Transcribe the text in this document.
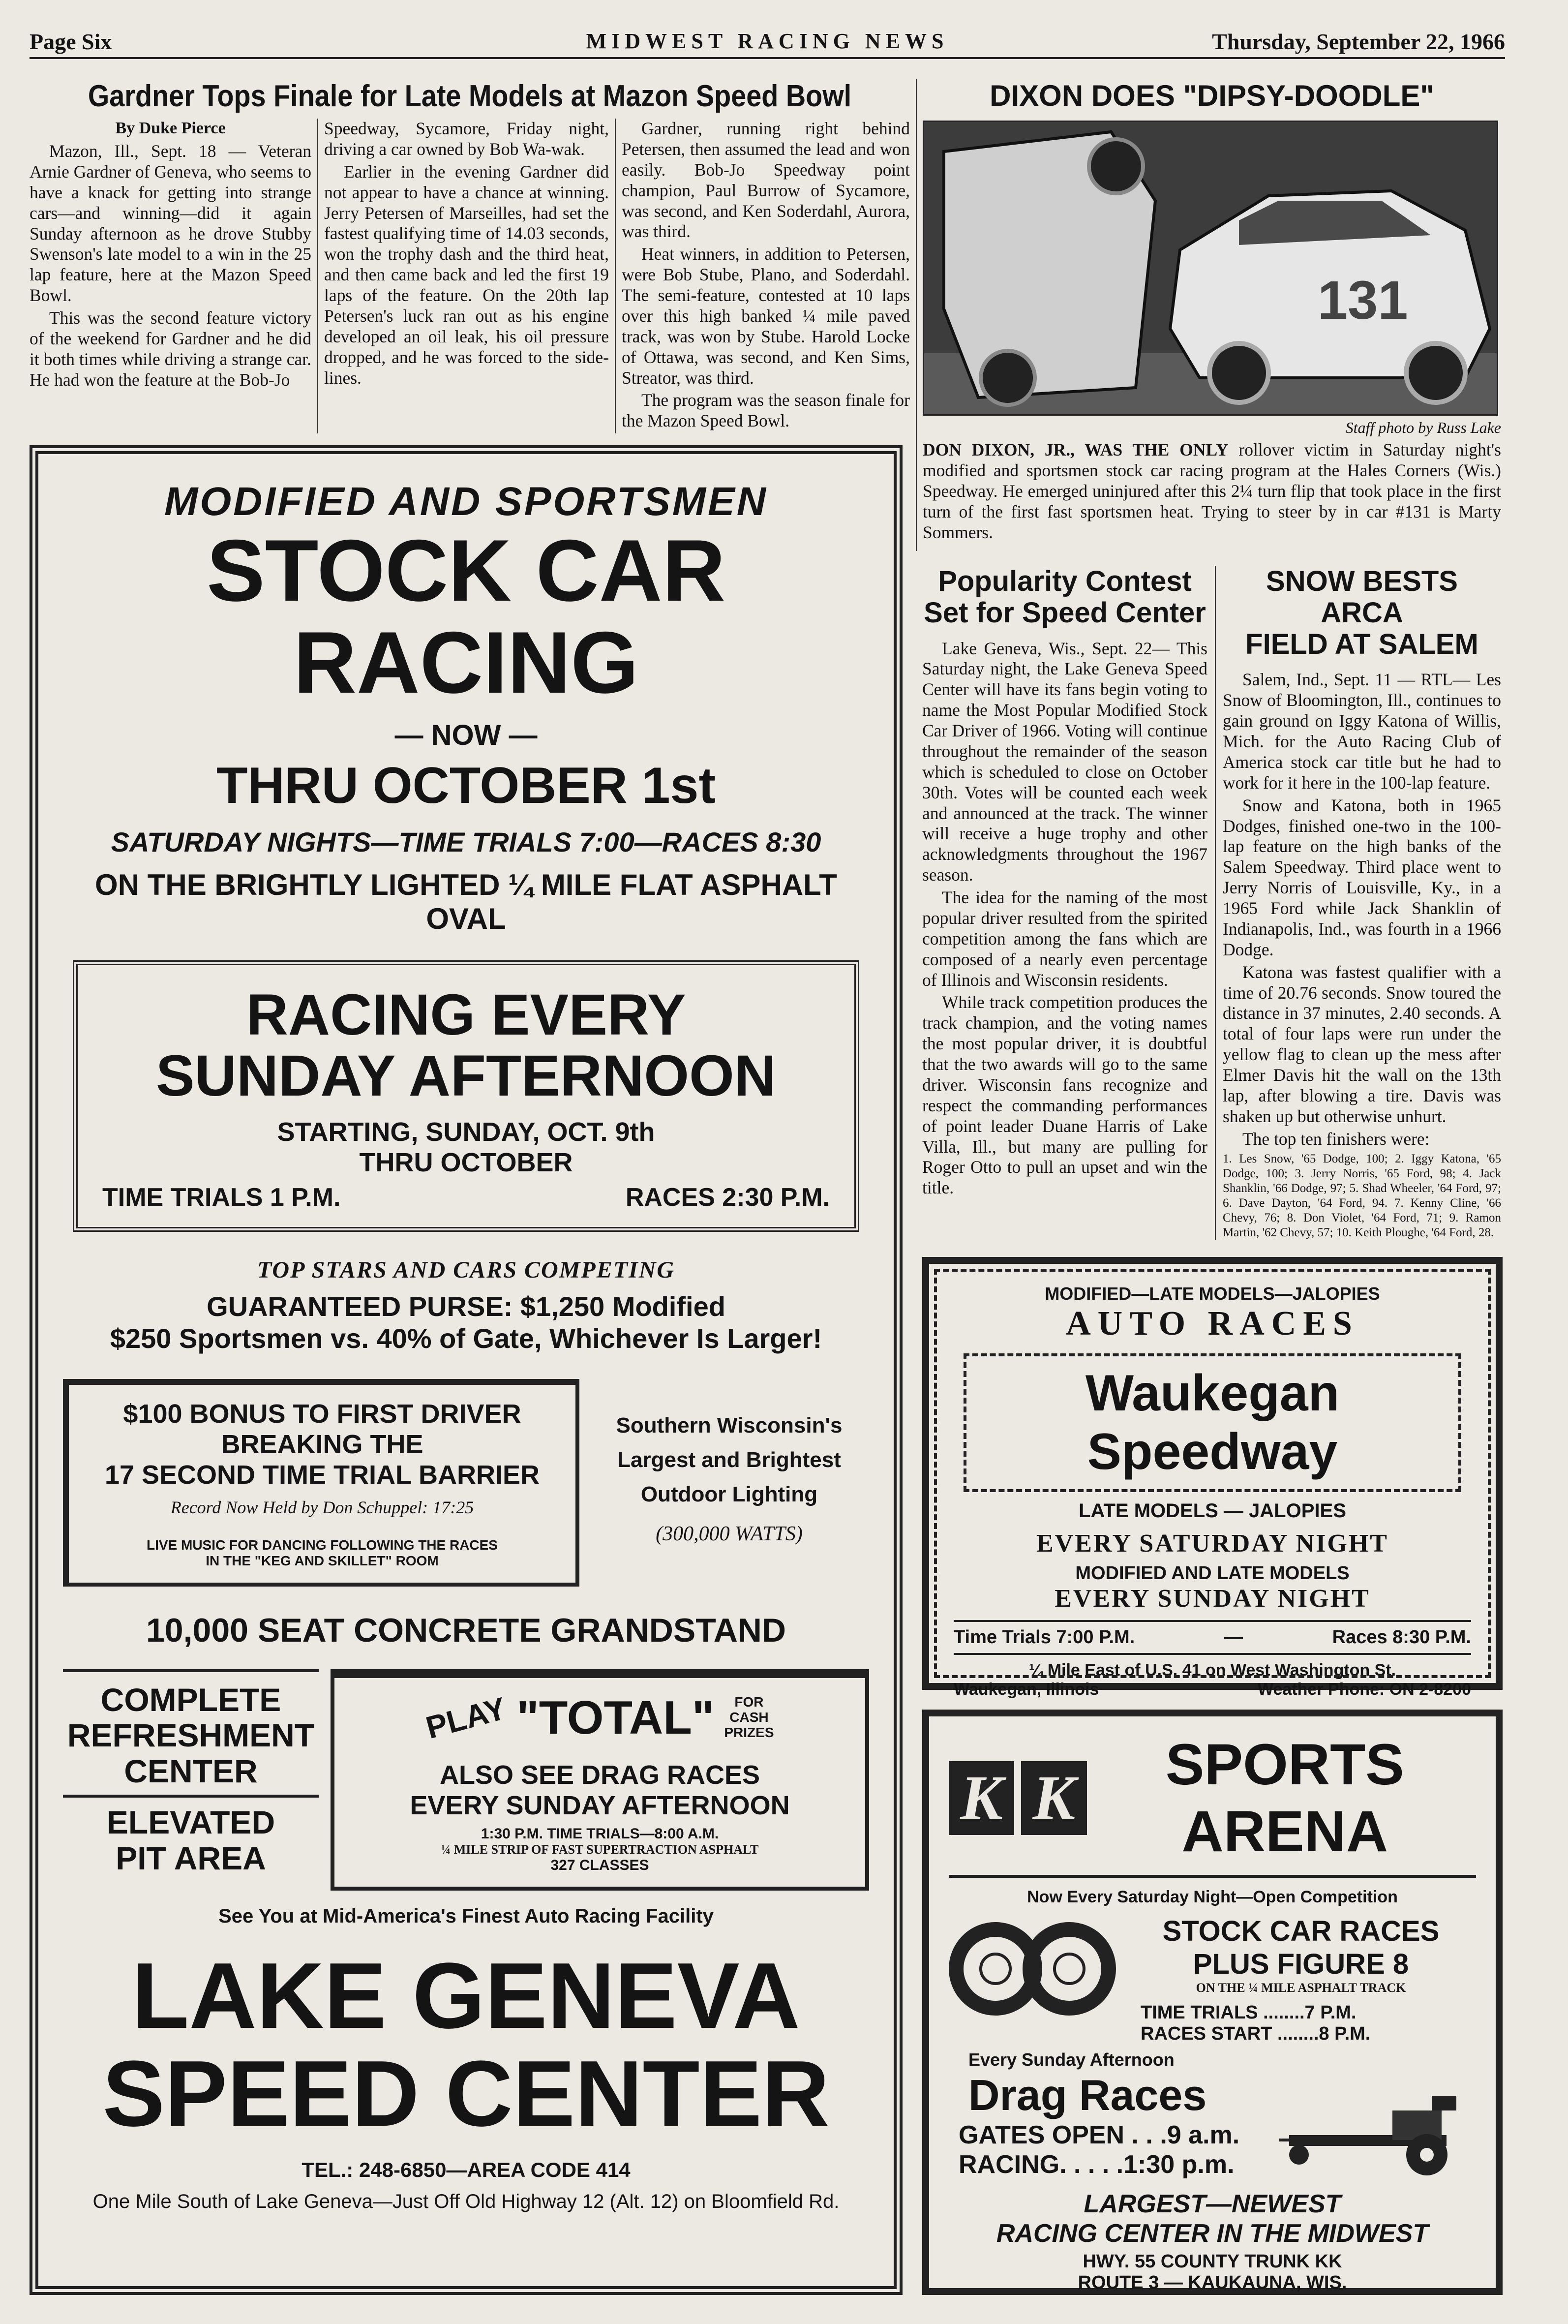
MIDWEST RACING NEWS
Page Six	Thursday, September 22, 1966
Gardner Tops Finale for Late Models at Mazon Speed Bowl
By Duke Pierce

Mazon, Ill., Sept. 18 — Veteran Arnie Gardner of Geneva, who seems to have a knack for getting into strange cars—and winning—did it again Sunday afternoon as he drove Stubby Swenson's late model to a win in the 25 lap feature, here at the Mazon Speed Bowl.

This was the second feature victory of the weekend for Gardner and he did it both times while driving a strange car. He had won the feature at the Bob-Jo

Speedway, Sycamore, Friday night, driving a car owned by Bob Wa-wak.

Earlier in the evening Gardner did not appear to have a chance at winning. Jerry Petersen of Marseilles, had set the fastest qualifying time of 14.03 seconds, won the trophy dash and the third heat, and then came back and led the first 19 laps of the feature. On the 20th lap Petersen's luck ran out as his engine developed an oil leak, his oil pressure dropped, and he was forced to the side-lines.

Gardner, running right behind Petersen, then assumed the lead and won easily. Bob-Jo Speedway point champion, Paul Burrow of Sycamore, was second, and Ken Soderdahl, Aurora, was third.

Heat winners, in addition to Petersen, were Bob Stube, Plano, and Soderdahl. The semi-feature, contested at 10 laps over this high banked ¼ mile paved track, was won by Stube. Harold Locke of Ottawa, was second, and Ken Sims, Streator, was third.

The program was the season finale for the Mazon Speed Bowl.

DIXON DOES "DIPSY-DOODLE"
131
Staff photo by Russ Lake
DON DIXON, JR., WAS THE ONLY rollover victim in Saturday night's modified and sportsmen stock car racing program at the Hales Corners (Wis.) Speedway. He emerged uninjured after this 2¼ turn flip that took place in the first turn of the first fast sportsmen heat. Trying to steer by in car #131 is Marty Sommers.
MODIFIED AND SPORTSMEN
STOCK CAR RACING
— NOW —
THRU OCTOBER 1st
SATURDAY NIGHTS—TIME TRIALS 7:00—RACES 8:30
ON THE BRIGHTLY LIGHTED ¼ MILE FLAT ASPHALT OVAL
RACING EVERY
SUNDAY AFTERNOON
STARTING, SUNDAY, OCT. 9th
THRU OCTOBER
TIME TRIALS 1 P.M.	RACES 2:30 P.M.
TOP STARS AND CARS COMPETING
GUARANTEED PURSE: $1,250 Modified
$250 Sportsmen vs. 40% of Gate, Whichever Is Larger!
$100 BONUS TO FIRST DRIVER
BREAKING THE
17 SECOND TIME TRIAL BARRIER
Record Now Held by Don Schuppel: 17:25
LIVE MUSIC FOR DANCING FOLLOWING THE RACES
IN THE "KEG AND SKILLET" ROOM
Southern Wisconsin's
Largest and Brightest
Outdoor Lighting
(300,000 WATTS)
10,000 SEAT CONCRETE GRANDSTAND
COMPLETE
REFRESHMENT
CENTER
ELEVATED
PIT AREA
PLAY "TOTAL"	FOR
CASH
PRIZES
ALSO SEE DRAG RACES
EVERY SUNDAY AFTERNOON
1:30 P.M. TIME TRIALS—8:00 A.M.
¼ MILE STRIP OF FAST SUPERTRACTION ASPHALT
327 CLASSES
See You at Mid-America's Finest Auto Racing Facility
LAKE GENEVA
SPEED CENTER
TEL.: 248-6850—AREA CODE 414
One Mile South of Lake Geneva—Just Off Old Highway 12 (Alt. 12) on Bloomfield Rd.
Popularity Contest
Set for Speed Center

Lake Geneva, Wis., Sept. 22— This Saturday night, the Lake Geneva Speed Center will have its fans begin voting to name the Most Popular Modified Stock Car Driver of 1966. Voting will continue throughout the remainder of the season which is scheduled to close on October 30th. Votes will be counted each week and announced at the track. The winner will receive a huge trophy and other acknowledgments throughout the 1967 season.

The idea for the naming of the most popular driver resulted from the spirited competition among the fans which are composed of a nearly even percentage of Illinois and Wisconsin residents.

While track competition produces the track champion, and the voting names the most popular driver, it is doubtful that the two awards will go to the same driver. Wisconsin fans recognize and respect the commanding performances of point leader Duane Harris of Lake Villa, Ill., but many are pulling for Roger Otto to pull an upset and win the title.

SNOW BESTS ARCA
FIELD AT SALEM

Salem, Ind., Sept. 11 — RTL— Les Snow of Bloomington, Ill., continues to gain ground on Iggy Katona of Willis, Mich. for the Auto Racing Club of America stock car title but he had to work for it here in the 100-lap feature.

Snow and Katona, both in 1965 Dodges, finished one-two in the 100-lap feature on the high banks of the Salem Speedway. Third place went to Jerry Norris of Louisville, Ky., in a 1965 Ford while Jack Shanklin of Indianapolis, Ind., was fourth in a 1966 Dodge.

Katona was fastest qualifier with a time of 20.76 seconds. Snow toured the distance in 37 minutes, 2.40 seconds. A total of four laps were run under the yellow flag to clean up the mess after Elmer Davis hit the wall on the 13th lap, after blowing a tire. Davis was shaken up but otherwise unhurt.

The top ten finishers were:

1. Les Snow, '65 Dodge, 100; 2. Iggy Katona, '65 Dodge, 100; 3. Jerry Norris, '65 Ford, 98; 4. Jack Shanklin, '66 Dodge, 97; 5. Shad Wheeler, '64 Ford, 97; 6. Dave Dayton, '64 Ford, 94. 7. Kenny Cline, '66 Chevy, 76; 8. Don Violet, '64 Ford, 71; 9. Ramon Martin, '62 Chevy, 57; 10. Keith Ploughe, '64 Ford, 28.
MODIFIED—LATE MODELS—JALOPIES
AUTO RACES
Waukegan Speedway
LATE MODELS — JALOPIES
EVERY SATURDAY NIGHT
MODIFIED AND LATE MODELS
EVERY SUNDAY NIGHT
Time Trials 7:00 P.M.	—	Races 8:30 P.M.
¼ Mile East of U.S. 41 on West Washington St.
Waukegan, Illinois	Weather Phone: ON 2-8200
K K	SPORTS ARENA
Now Every Saturday Night—Open Competition
STOCK CAR RACES
PLUS FIGURE 8
ON THE ¼ MILE ASPHALT TRACK
TIME TRIALS ........7 P.M.
RACES START ........8 P.M.
Every Sunday Afternoon
Drag Races
GATES OPEN . . .9 a.m.
RACING. . . . .1:30 p.m.
LARGEST—NEWEST
RACING CENTER IN THE MIDWEST
HWY. 55 COUNTY TRUNK KK
ROUTE 3 — KAUKAUNA, WIS.
